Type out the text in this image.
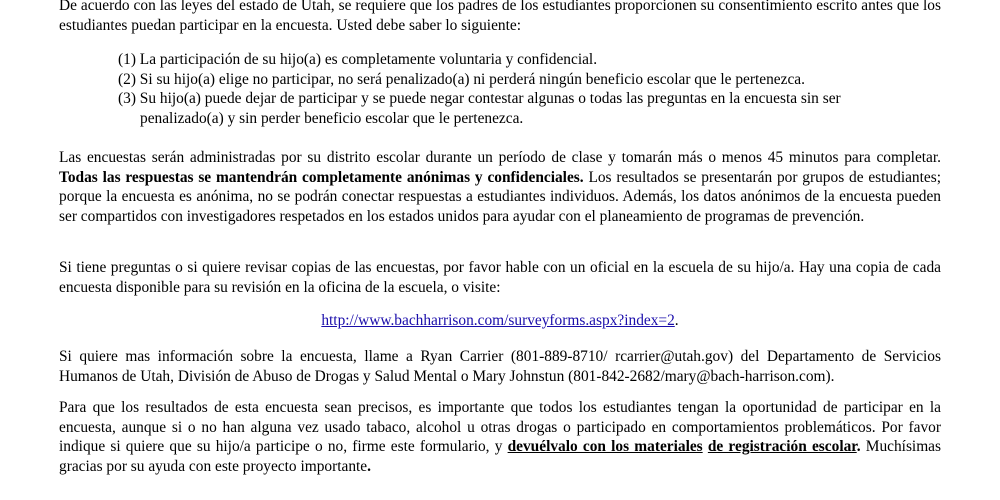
De acuerdo con las leyes del estado de Utah, se requiere que los padres de los estudiantes proporcionen su consentimiento escrito antes que los estudiantes puedan participar en la encuesta. Usted debe saber lo siguiente:

(1) La participación de su hijo(a) es completamente voluntaria y confidencial.
(2) Si su hijo(a) elige no participar, no será penalizado(a) ni perderá ningún beneficio escolar que le pertenezca.
(3) Su hijo(a) puede dejar de participar y se puede negar contestar algunas o todas las preguntas en la encuesta sin ser
penalizado(a) y sin perder beneficio escolar que le pertenezca.

Las encuestas serán administradas por su distrito escolar durante un período de clase y tomarán más o menos 45 minutos para completar. Todas las respuestas se mantendrán completamente anónimas y confidenciales. Los resultados se presentarán por grupos de estudiantes; porque la encuesta es anónima, no se podrán conectar respuestas a estudiantes individuos. Además, los datos anónimos de la encuesta pueden ser compartidos con investigadores respetados en los estados unidos para ayudar con el planeamiento de programas de prevención.

Si tiene preguntas o si quiere revisar copias de las encuestas, por favor hable con un oficial en la escuela de su hijo/a. Hay una copia de cada encuesta disponible para su revisión en la oficina de la escuela, o visite:

http://www.bachharrison.com/surveyforms.aspx?index=2.

Si quiere mas información sobre la encuesta, llame a Ryan Carrier (801-889-8710/ rcarrier@utah.gov) del Departamento de Servicios Humanos de Utah, División de Abuso de Drogas y Salud Mental o Mary Johnstun (801-842-2682/mary@bach-harrison.com).

Para que los resultados de esta encuesta sean precisos, es importante que todos los estudiantes tengan la oportunidad de participar en la encuesta, aunque si o no han alguna vez usado tabaco, alcohol u otras drogas o participado en comportamientos problemáticos. Por favor indique si quiere que su hijo/a participe o no, firme este formulario, y devuélvalo con los materiales de registración escolar. Muchísimas gracias por su ayuda con este proyecto importante.
